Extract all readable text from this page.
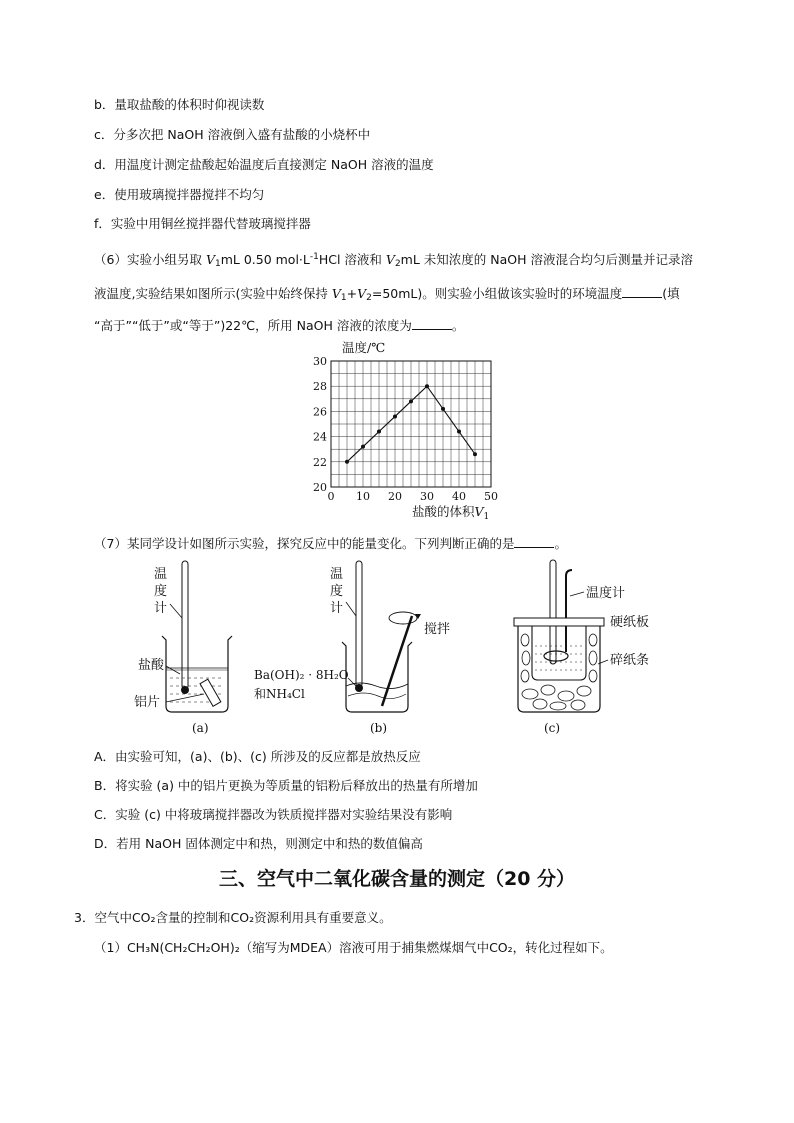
b．量取盐酸的体积时仰视读数
c．分多次把 NaOH 溶液倒入盛有盐酸的小烧杯中
d．用温度计测定盐酸起始温度后直接测定 NaOH 溶液的温度
e．使用玻璃搅拌器搅拌不均匀
f．实验中用铜丝搅拌器代替玻璃搅拌器
（6）实验小组另取 $V_1mL$ 0.50 $mol\cdot L^{-1}HCl$ 溶液和 $V_2mL$ 未知浓度的 NaOH 溶液混合均匀后测量并记录溶
液温度,实验结果如图所示(实验中始终保持 $V_1+V_2=50mL$)。则实验小组做该实验时的环境温度	(填
“高于”“低于”或“等于”)22℃，所用 NaOH 溶液的浓度为	。
0 10 20 30 40 50
20
22
24
26
28
30
温度/℃
盐酸的体积$V_1$
（7）某同学设计如图所示实验，探究反应中的能量变化。下列判断正确的是	。
温
度
计
盐酸
铝片
(a)
温
度
计
搅拌
Ba(OH)₂ · 8H₂O
和NH₄Cl
(b)
温度计
硬纸板
碎纸条
(c)
A．由实验可知，(a)、(b)、(c) 所涉及的反应都是放热反应
B．将实验 (a) 中的铝片更换为等质量的铝粉后释放出的热量有所增加
C．实验 (c) 中将玻璃搅拌器改为铁质搅拌器对实验结果没有影响
D．若用 NaOH 固体测定中和热，则测定中和热的数值偏高
三、空气中二氧化碳含量的测定（20 分）
3．空气中CO₂含量的控制和CO₂资源利用具有重要意义。
（1）CH₃N(CH₂CH₂OH)₂（缩写为MDEA）溶液可用于捕集燃煤烟气中CO₂，转化过程如下。
